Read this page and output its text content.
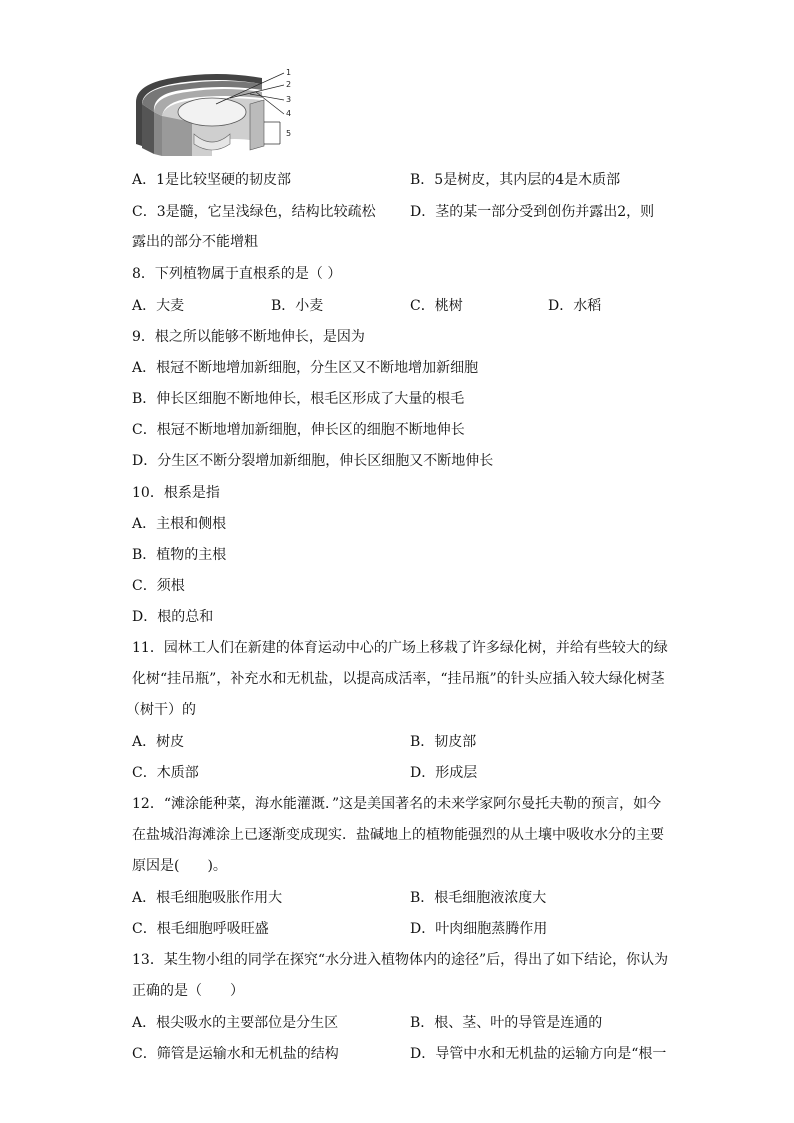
1
2
3
4
5
A．1是比较坚硬的韧皮部	B．5是树皮，其内层的4是木质部
C．3是髓，它呈浅绿色，结构比较疏松 D．茎的某一部分受到创伤并露出2，则
露出的部分不能增粗
8．下列植物属于直根系的是（ ）
A．大麦	B．小麦	C．桃树	D．水稻
9．根之所以能够不断地伸长，是因为
A．根冠不断地增加新细胞，分生区又不断地增加新细胞
B．伸长区细胞不断地伸长，根毛区形成了大量的根毛
C．根冠不断地增加新细胞，伸长区的细胞不断地伸长
D．分生区不断分裂增加新细胞，伸长区细胞又不断地伸长
10．根系是指
A．主根和侧根
B．植物的主根
C．须根
D．根的总和
11．园林工人们在新建的体育运动中心的广场上移栽了许多绿化树，并给有些较大的绿
化树“挂吊瓶”，补充水和无机盐，以提高成活率，“挂吊瓶”的针头应插入较大绿化树茎
（树干）的
A．树皮	B．韧皮部
C．木质部	D．形成层
12．“滩涂能种菜，海水能灌溉．”这是美国著名的未来学家阿尔曼托夫勒的预言，如今
在盐城沿海滩涂上已逐渐变成现实．盐碱地上的植物能强烈的从土壤中吸收水分的主要
原因是(　　)。
A．根毛细胞吸胀作用大	B．根毛细胞液浓度大
C．根毛细胞呼吸旺盛	D．叶肉细胞蒸腾作用
13．某生物小组的同学在探究“水分进入植物体内的途径”后，得出了如下结论，你认为
正确的是（　　）
A．根尖吸水的主要部位是分生区	B．根、茎、叶的导管是连通的
C．筛管是运输水和无机盐的结构	D．导管中水和无机盐的运输方向是“根一
